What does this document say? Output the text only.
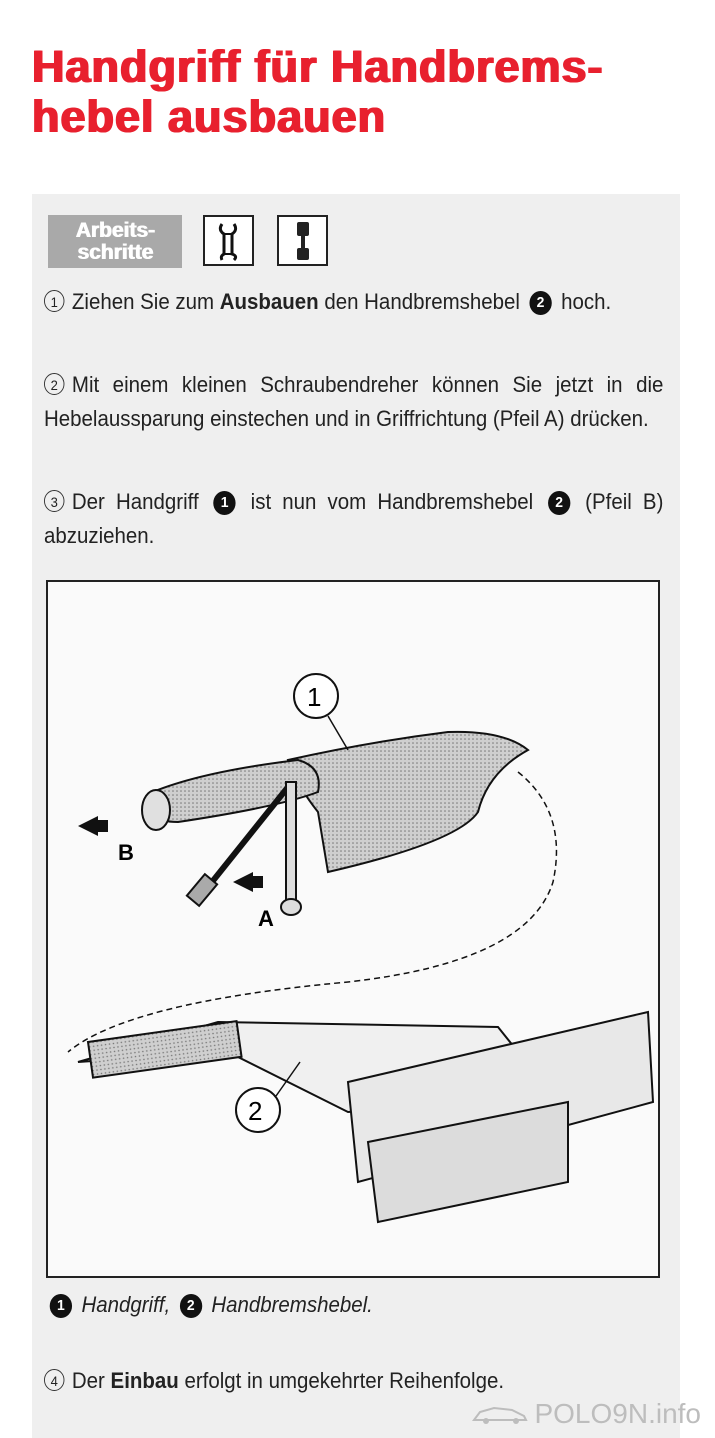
Handgriff für Handbrems-
hebel ausbauen
Arbeits-
schritte

1 Ziehen Sie zum Ausbauen den Handbremshebel 2 hoch.

2 Mit einem kleinen Schraubendreher können Sie jetzt in die Hebelaussparung einstechen und in Griffrichtung (Pfeil A) drücken.

3 Der Handgriff 1 ist nun vom Handbremshebel 2 (Pfeil B) abzuziehen.

1
2
A
B
1 Handgriff, 2 Handbremshebel.
4 Der Einbau erfolgt in umgekehrter Reihenfolge.
POLO9N.info
